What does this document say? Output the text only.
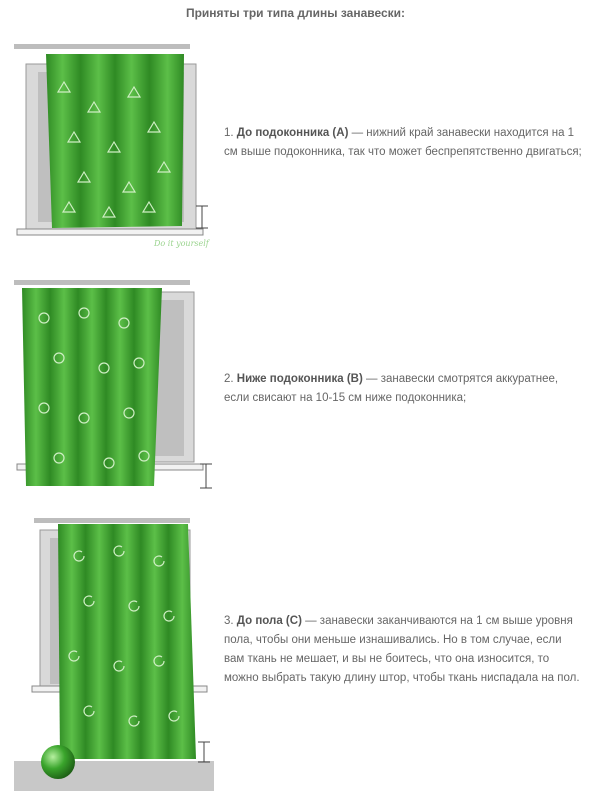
Приняты три типа длины занавески:
Do it yourself
1. До подоконника (А) — нижний край занавески находится на 1 см выше подоконника, так что может беспрепятственно двигаться;
2. Ниже подоконника (В) — занавески смотрятся аккуратнее, если свисают на 10-15 см ниже подоконника;
3. До пола (С) — занавески заканчиваются на 1 см выше уровня пола, чтобы они меньше изнашивались. Но в том случае, если вам ткань не мешает, и вы не боитесь, что она износится, то можно выбрать такую длину штор, чтобы ткань ниспадала на пол.
